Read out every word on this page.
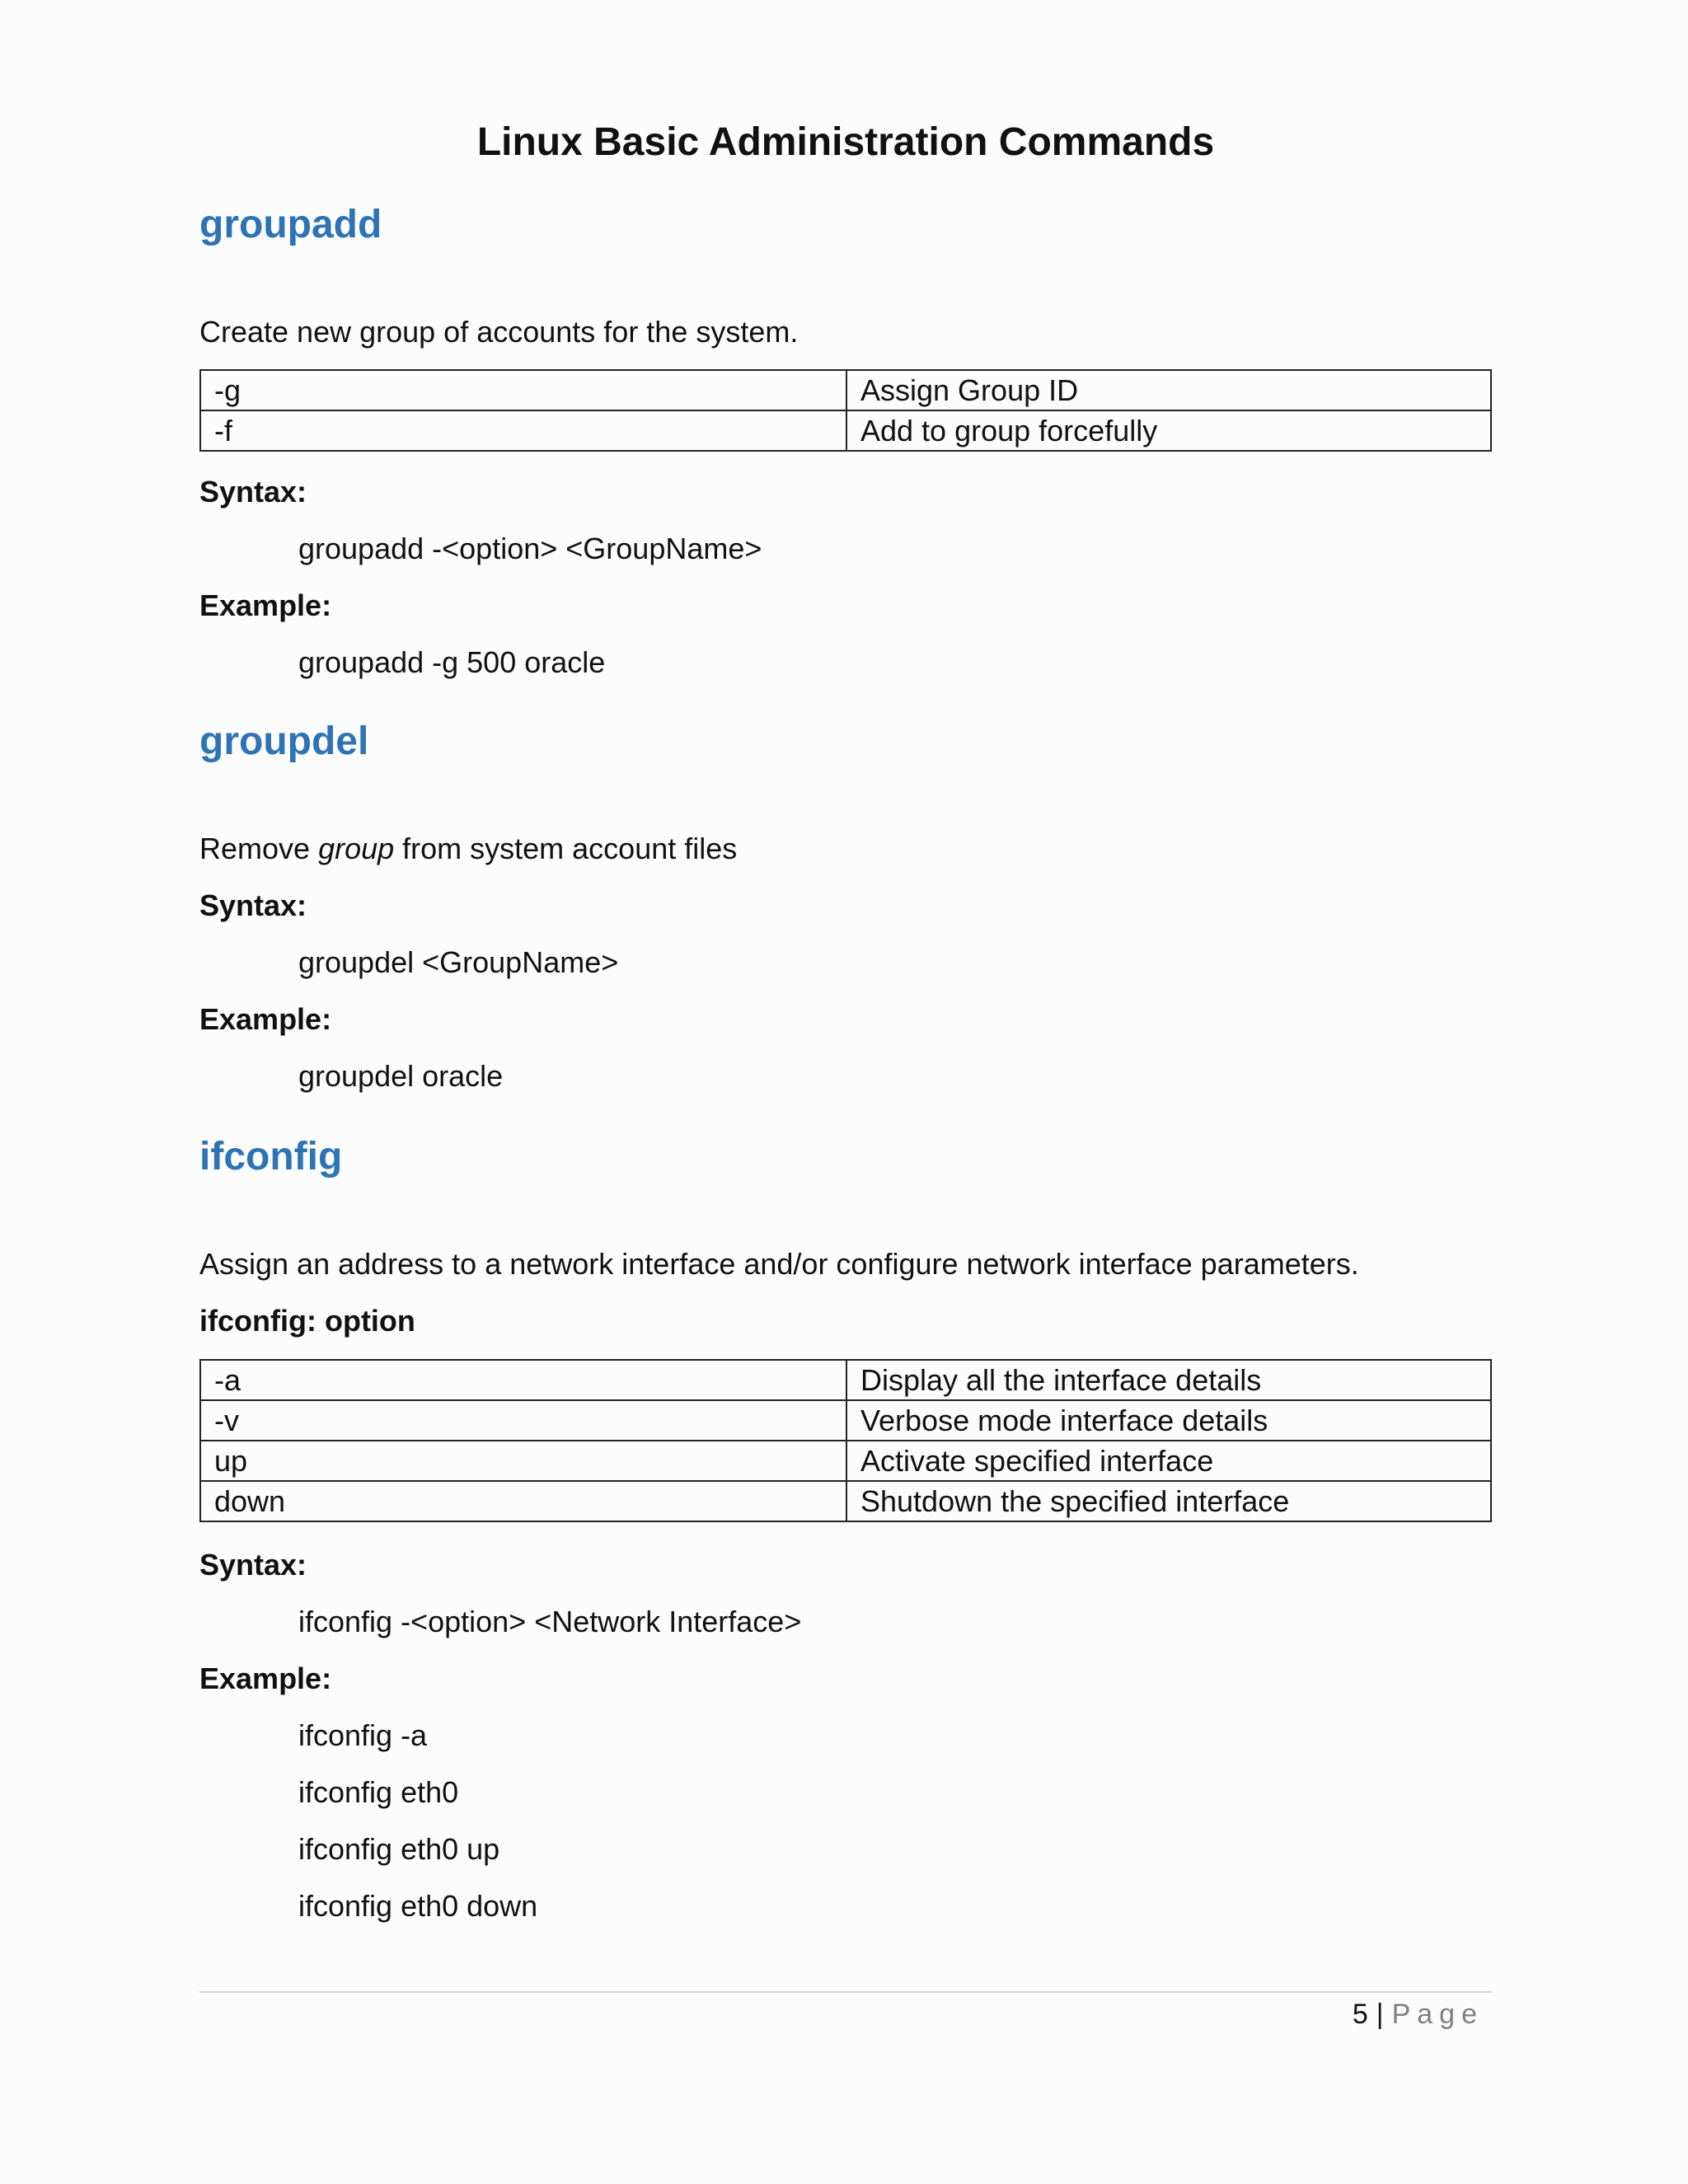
Linux Basic Administration Commands
groupadd

Create new group of accounts for the system.

-g	Assign Group ID
-f	Add to group forcefully

Syntax:

groupadd -<option> <GroupName>

Example:

groupadd -g 500 oracle

groupdel

Remove group from system account files

Syntax:

groupdel <GroupName>

Example:

groupdel oracle

ifconfig

Assign an address to a network interface and/or configure network interface parameters.

ifconfig: option

-a	Display all the interface details
-v	Verbose mode interface details
up	Activate specified interface
down	Shutdown the specified interface

Syntax:

ifconfig -<option> <Network Interface>

Example:

ifconfig -a

ifconfig eth0

ifconfig eth0 up

ifconfig eth0 down

5 | Page
